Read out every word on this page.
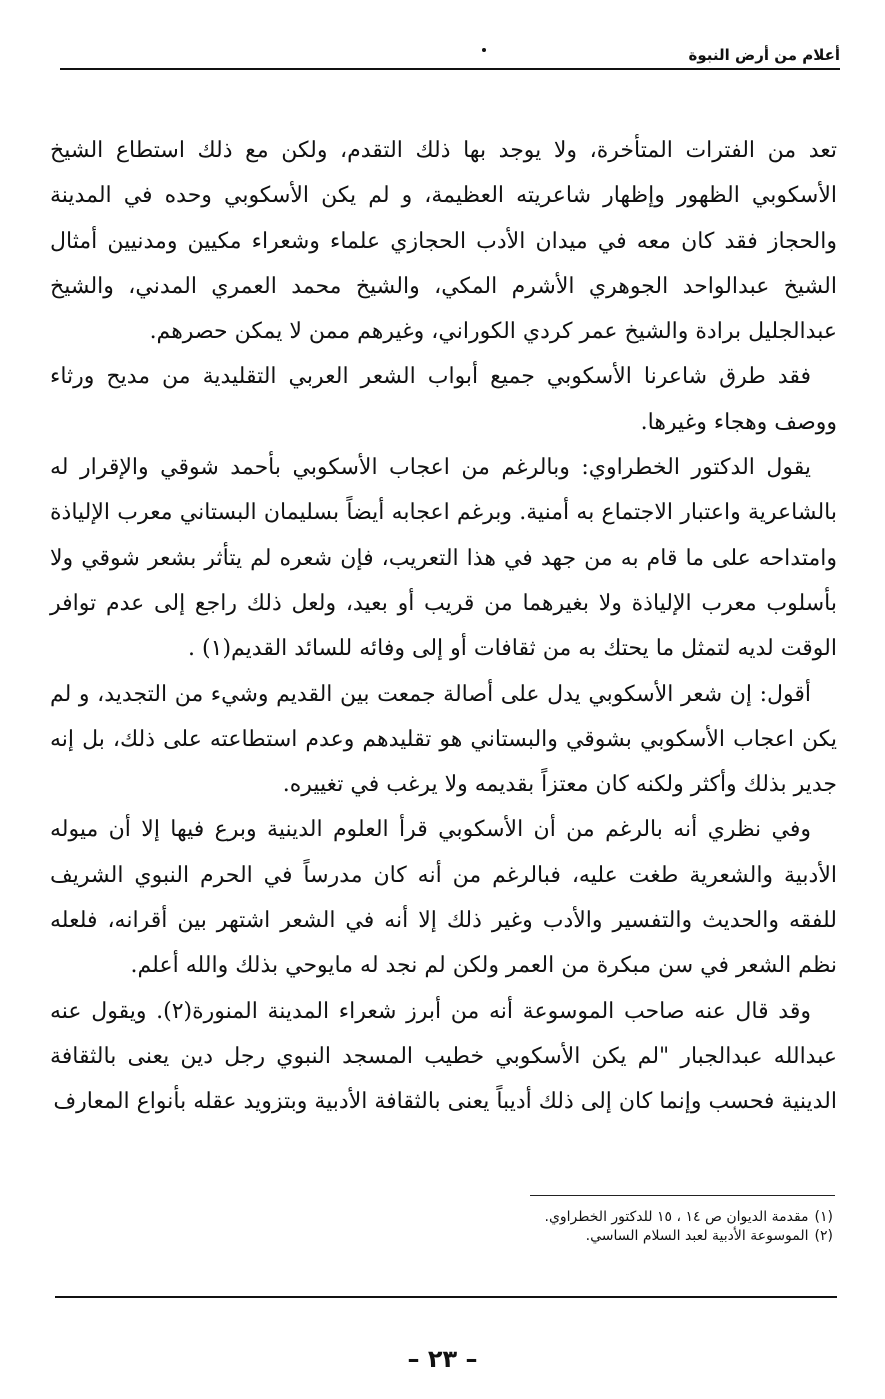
أعلام من أرض النبوة

تعد من الفترات المتأخرة، ولا يوجد بها ذلك التقدم، ولكن مع ذلك استطاع الشيخ الأسكوبي الظهور وإظهار شاعريته العظيمة، و لم يكن الأسكوبي وحده في المدينة والحجاز فقد كان معه في ميدان الأدب الحجازي علماء وشعراء مكيين ومدنيين أمثال الشيخ عبدالواحد الجوهري الأشرم المكي، والشيخ محمد العمري المدني، والشيخ عبدالجليل برادة والشيخ عمر كردي الكوراني، وغيرهم ممن لا يمكن حصرهم.

فقد طرق شاعرنا الأسكوبي جميع أبواب الشعر العربي التقليدية من مديح ورثاء ووصف وهجاء وغيرها.

يقول الدكتور الخطراوي: وبالرغم من اعجاب الأسكوبي بأحمد شوقي والإقرار له بالشاعرية واعتبار الاجتماع به أمنية. وبرغم اعجابه أيضاً بسليمان البستاني معرب الإلياذة وامتداحه على ما قام به من جهد في هذا التعريب، فإن شعره لم يتأثر بشعر شوقي ولا بأسلوب معرب الإلياذة ولا بغيرهما من قريب أو بعيد، ولعل ذلك راجع إلى عدم توافر الوقت لديه لتمثل ما يحتك به من ثقافات أو إلى وفائه للسائد القديم(١) .

أقول: إن شعر الأسكوبي يدل على أصالة جمعت بين القديم وشيء من التجديد، و لم يكن اعجاب الأسكوبي بشوقي والبستاني هو تقليدهم وعدم استطاعته على ذلك، بل إنه جدير بذلك وأكثر ولكنه كان معتزاً بقديمه ولا يرغب في تغييره.

وفي نظري أنه بالرغم من أن الأسكوبي قرأ العلوم الدينية وبرع فيها إلا أن ميوله الأدبية والشعرية طغت عليه، فبالرغم من أنه كان مدرساً في الحرم النبوي الشريف للفقه والحديث والتفسير والأدب وغير ذلك إلا أنه في الشعر اشتهر بين أقرانه، فلعله نظم الشعر في سن مبكرة من العمر ولكن لم نجد له مايوحي بذلك والله أعلم.

وقد قال عنه صاحب الموسوعة أنه من أبرز شعراء المدينة المنورة(٢). ويقول عنه عبدالله عبدالجبار "لم يكن الأسكوبي خطيب المسجد النبوي رجل دين يعنى بالثقافة الدينية فحسب وإنما كان إلى ذلك أديباً يعنى بالثقافة الأدبية وبتزويد عقله بأنواع المعارف

(١)مقدمة الديوان ص ١٤ ، ١٥ للدكتور الخطراوي.

(٢)الموسوعة الأدبية لعبد السلام الساسي.

– ٢٣ –
